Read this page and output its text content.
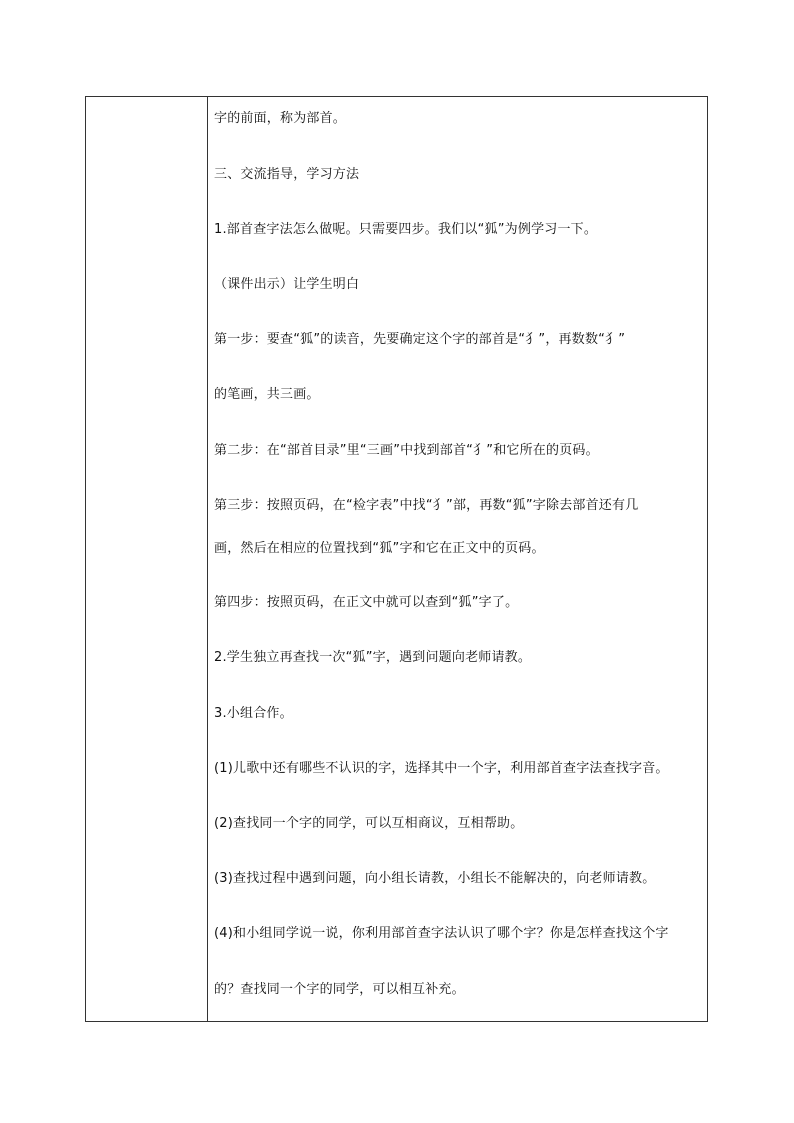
字的前面，称为部首。
三、交流指导，学习方法
1.部首查字法怎么做呢。只需要四步。我们以“狐”为例学习一下。
（课件出示）让学生明白
第一步：要查“狐”的读音，先要确定这个字的部首是“犭”，再数数“犭”
的笔画，共三画。
第二步：在“部首目录”里“三画”中找到部首“犭”和它所在的页码。
第三步：按照页码，在“检字表”中找“犭”部，再数“狐”字除去部首还有几
画，然后在相应的位置找到“狐”字和它在正文中的页码。
第四步：按照页码，在正文中就可以查到“狐”字了。
2.学生独立再查找一次“狐”字，遇到问题向老师请教。
3.小组合作。
(1)儿歌中还有哪些不认识的字，选择其中一个字，利用部首查字法查找字音。
(2)查找同一个字的同学，可以互相商议，互相帮助。
(3)查找过程中遇到问题，向小组长请教，小组长不能解决的，向老师请教。
(4)和小组同学说一说，你利用部首查字法认识了哪个字？你是怎样查找这个字
的？查找同一个字的同学，可以相互补充。
